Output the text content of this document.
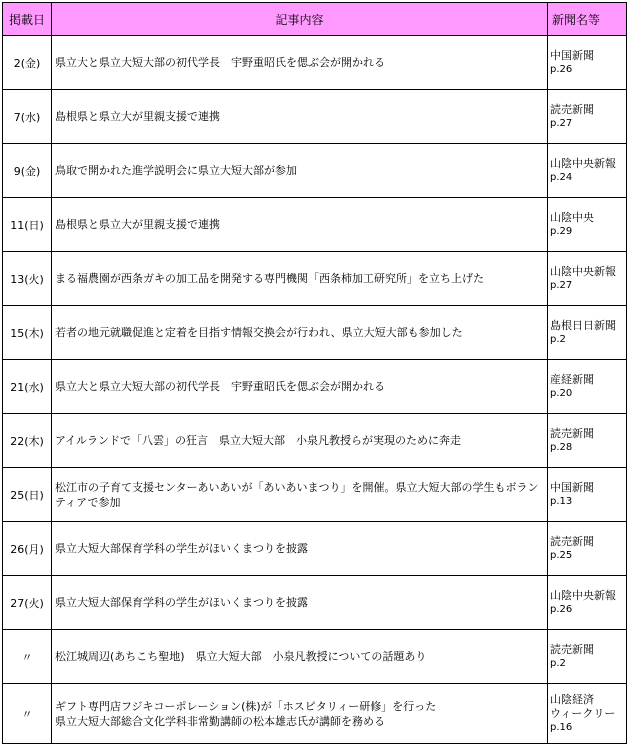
掲載日	記事内容	新聞名等
2(金)	県立大と県立大短大部の初代学長　宇野重昭氏を偲ぶ会が開かれる	中国新聞
p.26

7(水)	島根県と県立大が里親支援で連携	読売新聞
p.27

9(金)	鳥取で開かれた進学説明会に県立大短大部が参加	山陰中央新報
p.24

11(日)	島根県と県立大が里親支援で連携	山陰中央
p.29

13(火)	まる福農園が西条ガキの加工品を開発する専門機関「西条柿加工研究所」を立ち上げた	山陰中央新報
p.27

15(木)	若者の地元就職促進と定着を目指す情報交換会が行われ、県立大短大部も参加した	島根日日新聞
p.2

21(水)	県立大と県立大短大部の初代学長　宇野重昭氏を偲ぶ会が開かれる	産経新聞
p.20

22(木)	アイルランドで「八雲」の狂言　県立大短大部　小泉凡教授らが実現のために奔走	読売新聞
p.28

25(日)	松江市の子育て支援センターあいあいが「あいあいまつり」を開催。県立大短大部の学生もボランティアで参加	中国新聞
p.13

26(月)	県立大短大部保育学科の学生がほいくまつりを披露	読売新聞
p.25

27(火)	県立大短大部保育学科の学生がほいくまつりを披露	山陰中央新報
p.26

〃	松江城周辺(あちこち聖地)　県立大短大部　小泉凡教授についての話題あり	読売新聞
p.2

〃	ギフト専門店フジキコーポレーション(株)が「ホスピタリィー研修」を行った
県立大短大部総合文化学科非常勤講師の松本雄志氏が講師を務める	山陰経済
ウィークリー
p.16
